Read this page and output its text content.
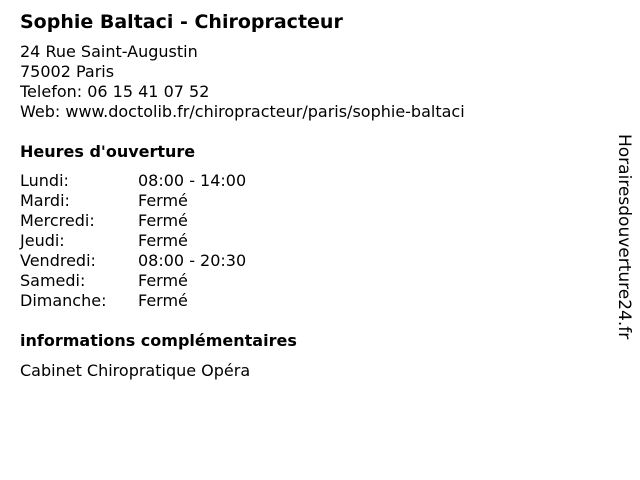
Sophie Baltaci - Chiropracteur
24 Rue Saint-Augustin
75002 Paris
Telefon: 06 15 41 07 52
Web: www.doctolib.fr/chiropracteur/paris/sophie-baltaci
Heures d'ouverture
Lundi:	08:00 - 14:00
Mardi:	Fermé
Mercredi:	Fermé
Jeudi:	Fermé
Vendredi:	08:00 - 20:30
Samedi:	Fermé
Dimanche:	Fermé
informations complémentaires
Cabinet Chiropratique Opéra
Horairesdouverture24.fr
